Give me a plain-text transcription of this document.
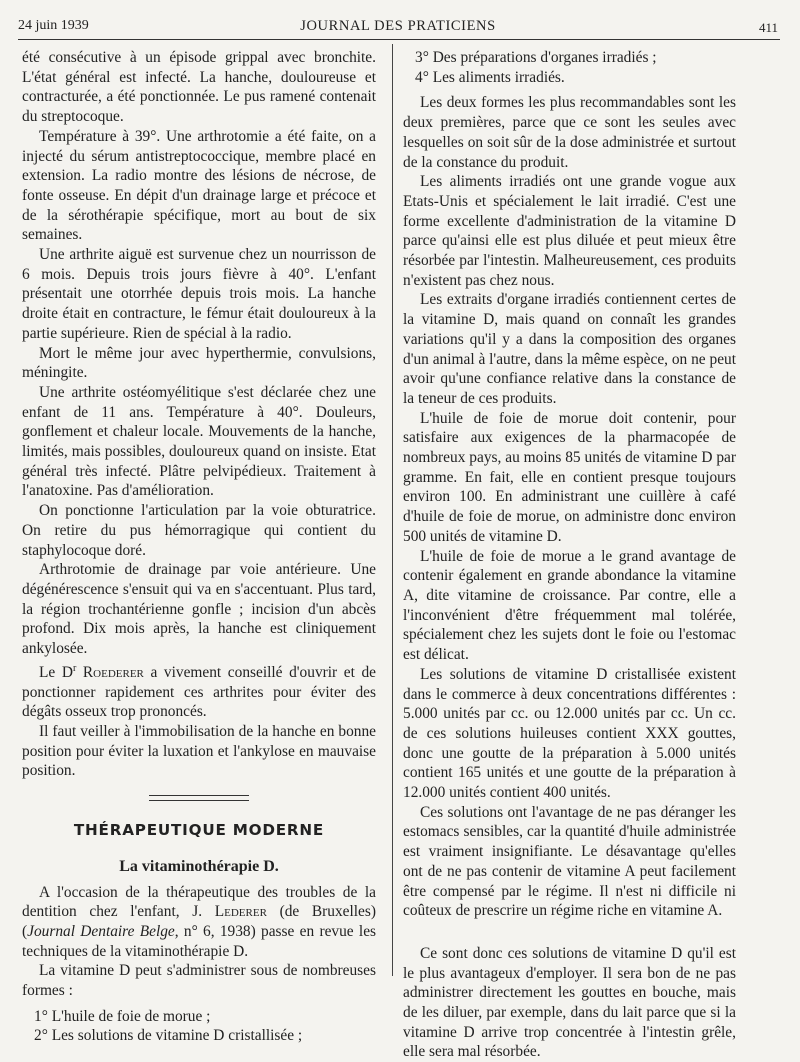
24 juin 1939	JOURNAL DES PRATICIENS	411

été consécutive à un épisode grippal avec bronchite. L'état général est infecté. La hanche, douloureuse et contracturée, a été ponctionnée. Le pus ramené contenait du streptocoque.

Température à 39°. Une arthrotomie a été faite, on a injecté du sérum antistreptococcique, membre placé en extension. La radio montre des lésions de nécrose, de fonte osseuse. En dépit d'un drainage large et précoce et de la sérothérapie spécifique, mort au bout de six semaines.

Une arthrite aiguë est survenue chez un nourrisson de 6 mois. Depuis trois jours fièvre à 40°. L'enfant présentait une otorrhée depuis trois mois. La hanche droite était en contracture, le fémur était douloureux à la partie supérieure. Rien de spécial à la radio.

Mort le même jour avec hyperthermie, convulsions, méningite.

Une arthrite ostéomyélitique s'est déclarée chez une enfant de 11 ans. Température à 40°. Douleurs, gonflement et chaleur locale. Mouvements de la hanche, limités, mais possibles, douloureux quand on insiste. Etat général très infecté. Plâtre pelvipédieux. Traitement à l'anatoxine. Pas d'amélioration.

On ponctionne l'articulation par la voie obturatrice. On retire du pus hémorragique qui contient du staphylocoque doré.

Arthrotomie de drainage par voie antérieure. Une dégénérescence s'ensuit qui va en s'accentuant. Plus tard, la région trochantérienne gonfle ; incision d'un abcès profond. Dix mois après, la hanche est cliniquement ankylosée.

Le $D^r$ Roederer a vivement conseillé d'ouvrir et de ponctionner rapidement ces arthrites pour éviter des dégâts osseux trop prononcés.

Il faut veiller à l'immobilisation de la hanche en bonne position pour éviter la luxation et l'ankylose en mauvaise position.

THÉRAPEUTIQUE MODERNE
La vitaminothérapie D.

A l'occasion de la thérapeutique des troubles de la dentition chez l'enfant, J. Lederer (de Bruxelles) (Journal Dentaire Belge, n° 6, 1938) passe en revue les techniques de la vitaminothérapie D.

La vitamine D peut s'administrer sous de nombreuses formes :

1° L'huile de foie de morue ;

2° Les solutions de vitamine D cristallisée ;

3° Des préparations d'organes irradiés ;

4° Les aliments irradiés.

Les deux formes les plus recommandables sont les deux premières, parce que ce sont les seules avec lesquelles on soit sûr de la dose administrée et surtout de la constance du produit.

Les aliments irradiés ont une grande vogue aux Etats-Unis et spécialement le lait irradié. C'est une forme excellente d'administration de la vitamine D parce qu'ainsi elle est plus diluée et peut mieux être résorbée par l'intestin. Malheureusement, ces produits n'existent pas chez nous.

Les extraits d'organe irradiés contiennent certes de la vitamine D, mais quand on connaît les grandes variations qu'il y a dans la composition des organes d'un animal à l'autre, dans la même espèce, on ne peut avoir qu'une confiance relative dans la constance de la teneur de ces produits.

L'huile de foie de morue doit contenir, pour satisfaire aux exigences de la pharmacopée de nombreux pays, au moins 85 unités de vitamine D par gramme. En fait, elle en contient presque toujours environ 100. En administrant une cuillère à café d'huile de foie de morue, on administre donc environ 500 unités de vitamine D.

L'huile de foie de morue a le grand avantage de contenir également en grande abondance la vitamine A, dite vitamine de croissance. Par contre, elle a l'inconvénient d'être fréquemment mal tolérée, spécialement chez les sujets dont le foie ou l'estomac est délicat.

Les solutions de vitamine D cristallisée existent dans le commerce à deux concentrations différentes : 5.000 unités par cc. ou 12.000 unités par cc. Un cc. de ces solutions huileuses contient XXX gouttes, donc une goutte de la préparation à 5.000 unités contient 165 unités et une goutte de la préparation à 12.000 unités contient 400 unités.

Ces solutions ont l'avantage de ne pas déranger les estomacs sensibles, car la quantité d'huile administrée est vraiment insignifiante. Le désavantage qu'elles ont de ne pas contenir de vitamine A peut facilement être compensé par le régime. Il n'est ni difficile ni coûteux de prescrire un régime riche en vitamine A.

Ce sont donc ces solutions de vitamine D qu'il est le plus avantageux d'employer. Il sera bon de ne pas administrer directement les gouttes en bouche, mais de les diluer, par exemple, dans du lait parce que si la vitamine D arrive trop concentrée à l'intestin grêle, elle sera mal résorbée.
